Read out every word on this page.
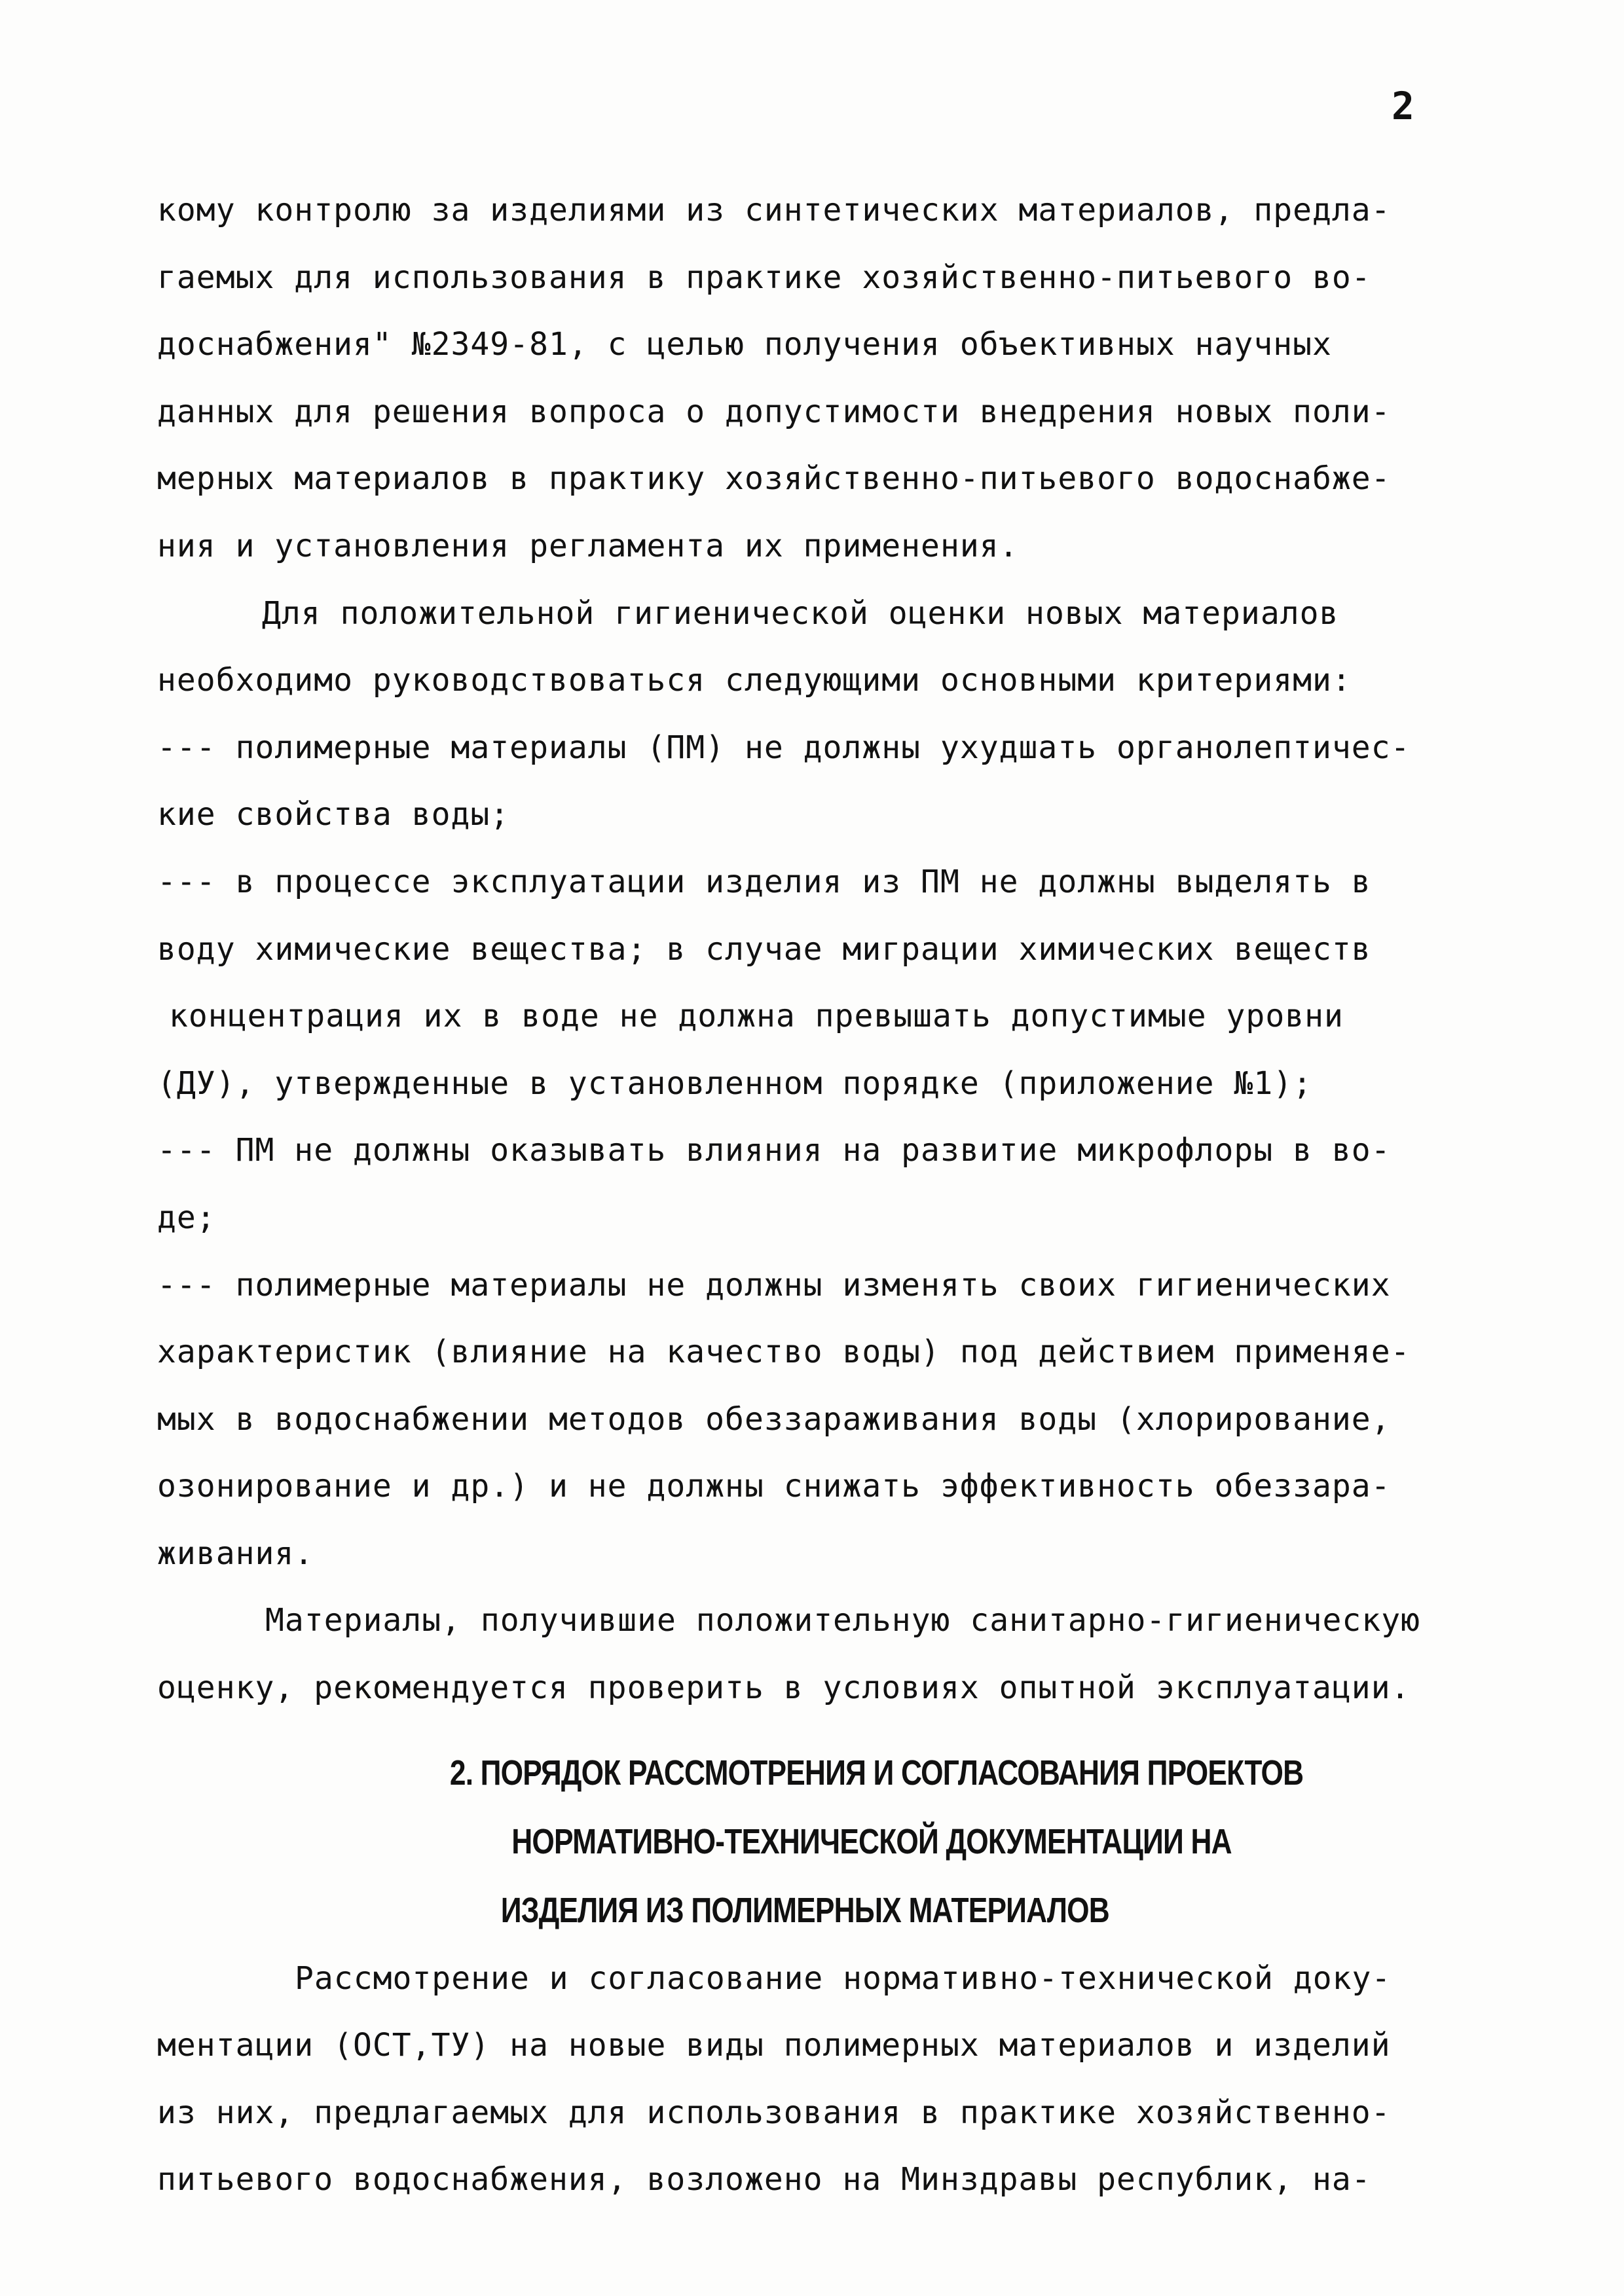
2
кому контролю за изделиями из синтетических материалов, предла-
гаемых для использования в практике хозяйственно-питьевого во-
доснабжения" №2349-81, с целью получения объективных научных
данных для решения вопроса о допустимости внедрения новых поли-
мерных материалов в практику хозяйственно-питьевого водоснабже-
ния и установления регламента их применения.
Для положительной гигиенической оценки новых материалов
необходимо руководствоваться следующими основными критериями:
--- полимерные материалы (ПМ) не должны ухудшать органолептичес-
кие свойства воды;
--- в процессе эксплуатации изделия из ПМ не должны выделять в
воду химические вещества; в случае миграции химических веществ
концентрация их в воде не должна превышать допустимые уровни
(ДУ), утвержденные в установленном порядке (приложение №1);
--- ПМ не должны оказывать влияния на развитие микрофлоры в во-
де;
--- полимерные материалы не должны изменять своих гигиенических
характеристик (влияние на качество воды) под действием применяе-
мых в водоснабжении методов обеззараживания воды (хлорирование,
озонирование и др.) и не должны снижать эффективность обеззара-
живания.
Материалы, получившие положительную санитарно-гигиеническую
оценку, рекомендуется проверить в условиях опытной эксплуатации.
2. ПОРЯДОК РАССМОТРЕНИЯ И СОГЛАСОВАНИЯ ПРОЕКТОВ
НОРМАТИВНО-ТЕХНИЧЕСКОЙ ДОКУМЕНТАЦИИ НА
ИЗДЕЛИЯ ИЗ ПОЛИМЕРНЫХ МАТЕРИАЛОВ
Рассмотрение и согласование нормативно-технической доку-
ментации (ОСТ,ТУ) на новые виды полимерных материалов и изделий
из них, предлагаемых для использования в практике хозяйственно-
питьевого водоснабжения, возложено на Минздравы республик, на-
